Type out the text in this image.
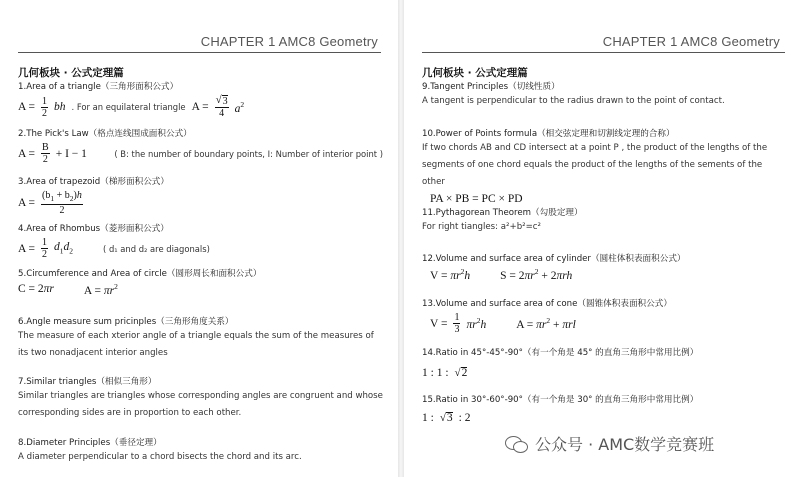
CHAPTER 1 AMC8 Geometry
几何板块 · 公式定理篇
1.Area of a triangle（三角形面积公式）
$A = \frac{1}{2}$ bh . For an equilateral triangle $A = \frac{√ 3}{4} a^2$
2.The Pick's Law（格点连线围成面积公式）
$A = \frac{B}{2} + I - 1$	( B: the number of boundary points, I: Number of interior point )
3.Area of trapezoid（梯形面积公式）
$A = \frac{(b_1 + b_2)h}{2}$
4.Area of Rhombus（菱形面积公式）
$A = \frac{1}{2} d_1d_2$	( d₁ and d₂ are diagonals)
5.Circumference and Area of circle（圆形周长和面积公式）
C = 2πr	$A = \pi r^2$
6.Angle measure sum pricinples（三角形角度关系）
The measure of each xterior angle of a triangle equals the sum of the measures of its two nonadjacent interior angles
7.Similar triangles（相似三角形）
Similar triangles are triangles whose corresponding angles are congruent and whose corresponding sides are in proportion to each other.
8.Diameter Principles（垂径定理）
A diameter perpendicular to a chord bisects the chord and its arc.
CHAPTER 1 AMC8 Geometry
几何板块 · 公式定理篇
9.Tangent Principles（切线性质）
A tangent is perpendicular to the radius drawn to the point of contact.
10.Power of Points formula（相交弦定理和切割线定理的合称）
If two chords AB and CD intersect at a point P , the product of the lengths of the segments of one chord equals the product of the lengths of the sements of the other
PA × PB = PC × PD
11.Pythagorean Theorem（勾股定理）
For right tiangles: a²+b²=c²
12.Volume and surface area of cylinder（圆柱体积表面积公式）
$V = \pi r^2h$	$S = 2\pi r^2 + 2\pi rh$
13.Volume and surface area of cone（圆锥体积表面积公式）
$V = \frac{1}{3} \pi r^2h$	$A = \pi r^2 + \pi rl$
14.Ratio in 45°-45°-90°（有一个角是 45° 的直角三角形中常用比例）
1 : 1 : √ 2
15.Ratio in 30°-60°-90°（有一个角是 30° 的直角三角形中常用比例）
1 : √ 3 : 2
公众号 · AMC数学竞赛班
